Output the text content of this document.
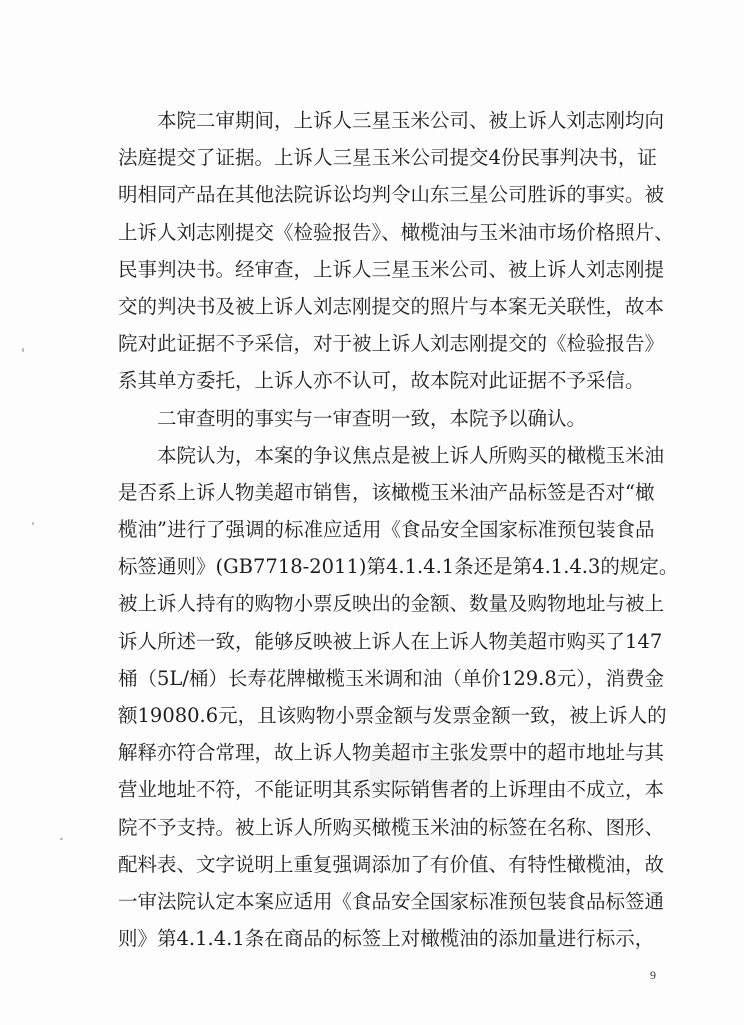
　　本院二审期间，上诉人三星玉米公司、被上诉人刘志刚均向
法庭提交了证据。上诉人三星玉米公司提交4份民事判决书，证
明相同产品在其他法院诉讼均判令山东三星公司胜诉的事实。被
上诉人刘志刚提交《检验报告》、橄榄油与玉米油市场价格照片、
民事判决书。经审查，上诉人三星玉米公司、被上诉人刘志刚提
交的判决书及被上诉人刘志刚提交的照片与本案无关联性，故本
院对此证据不予采信，对于被上诉人刘志刚提交的《检验报告》
系其单方委托，上诉人亦不认可，故本院对此证据不予采信。
　　二审查明的事实与一审查明一致，本院予以确认。
　　本院认为，本案的争议焦点是被上诉人所购买的橄榄玉米油
是否系上诉人物美超市销售，该橄榄玉米油产品标签是否对“橄
榄油”进行了强调的标准应适用《食品安全国家标准预包装食品
标签通则》(GB7718-2011)第4.1.4.1条还是第4.1.4.3的规定。
被上诉人持有的购物小票反映出的金额、数量及购物地址与被上
诉人所述一致，能够反映被上诉人在上诉人物美超市购买了147
桶（5L/桶）长寿花牌橄榄玉米调和油（单价129.8元），消费金
额19080.6元，且该购物小票金额与发票金额一致，被上诉人的
解释亦符合常理，故上诉人物美超市主张发票中的超市地址与其
营业地址不符，不能证明其系实际销售者的上诉理由不成立，本
院不予支持。被上诉人所购买橄榄玉米油的标签在名称、图形、
配料表、文字说明上重复强调添加了有价值、有特性橄榄油，故
一审法院认定本案应适用《食品安全国家标准预包装食品标签通
则》第4.1.4.1条在商品的标签上对橄榄油的添加量进行标示，
9
